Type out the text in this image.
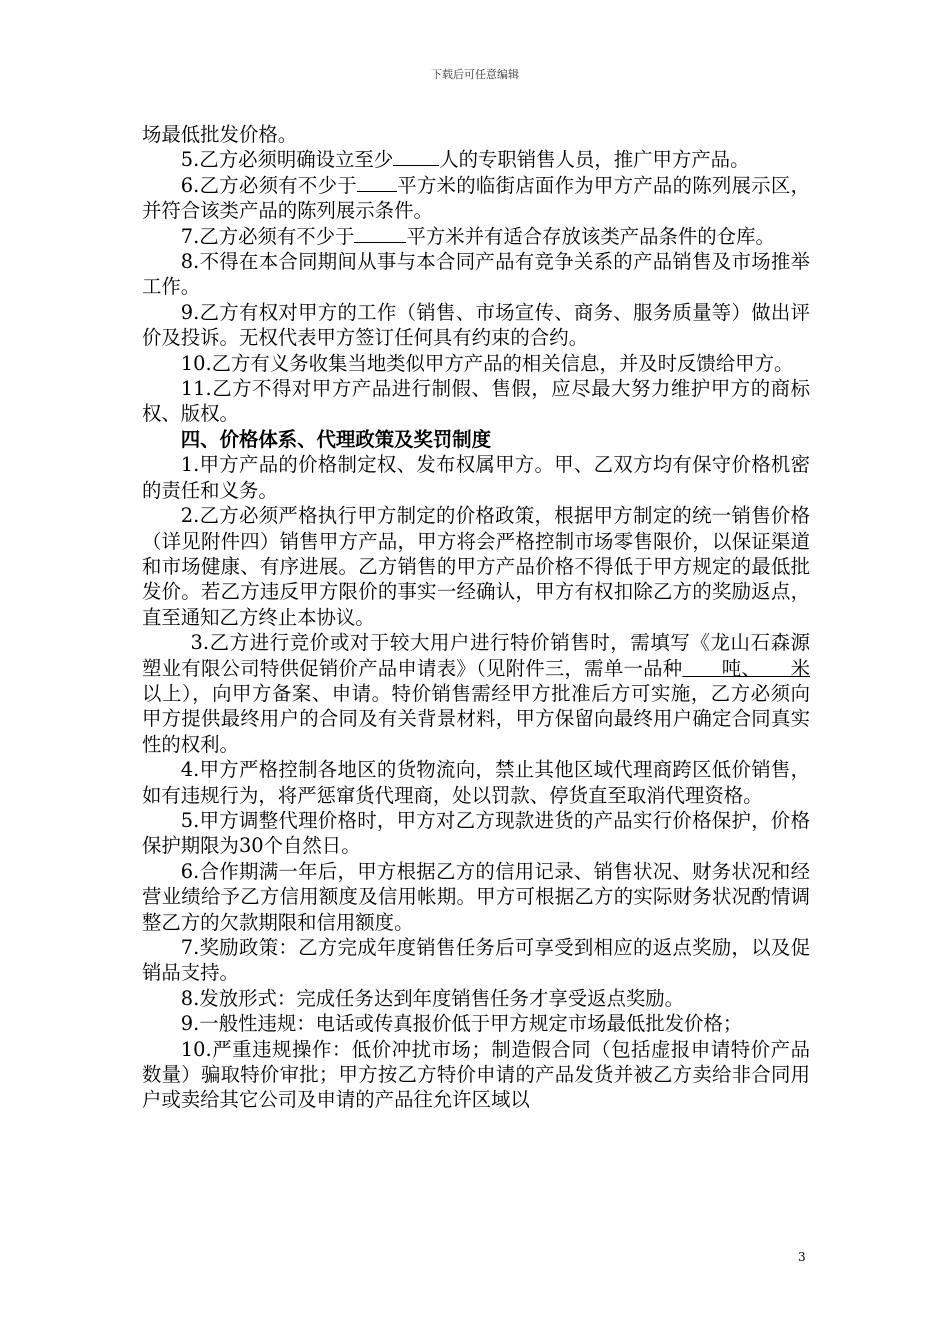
下载后可任意编辑

场最低批发价格。

5.乙方必须明确设立至少 人的专职销售人员，推广甲方产品。

6.乙方必须有不少于 平方米的临街店面作为甲方产品的陈列展示区，并符合该类产品的陈列展示条件。

7.乙方必须有不少于	平方米并有适合存放该类产品条件的仓库。

8.不得在本合同期间从事与本合同产品有竞争关系的产品销售及市场推举工作。

9.乙方有权对甲方的工作（销售、市场宣传、商务、服务质量等）做出评价及投诉。无权代表甲方签订任何具有约束的合约。

10.乙方有义务收集当地类似甲方产品的相关信息，并及时反馈给甲方。

11.乙方不得对甲方产品进行制假、售假，应尽最大努力维护甲方的商标权、版权。

四、价格体系、代理政策及奖罚制度

1.甲方产品的价格制定权、发布权属甲方。甲、乙双方均有保守价格机密的责任和义务。

2.乙方必须严格执行甲方制定的价格政策，根据甲方制定的统一销售价格（详见附件四）销售甲方产品，甲方将会严格控制市场零售限价，以保证渠道和市场健康、有序进展。乙方销售的甲方产品价格不得低于甲方规定的最低批发价。若乙方违反甲方限价的事实一经确认，甲方有权扣除乙方的奖励返点，直至通知乙方终止本协议。

3.乙方进行竞价或对于较大用户进行特价销售时，需填写《龙山石森源塑业有限公司特供促销价产品申请表》（见附件三，需单一品种　　吨、　　米以上），向甲方备案、申请。特价销售需经甲方批准后方可实施，乙方必须向甲方提供最终用户的合同及有关背景材料，甲方保留向最终用户确定合同真实性的权利。

4.甲方严格控制各地区的货物流向，禁止其他区域代理商跨区低价销售，如有违规行为，将严惩窜货代理商，处以罚款、停货直至取消代理资格。

5.甲方调整代理价格时，甲方对乙方现款进货的产品实行价格保护，价格保护期限为30个自然日。

6.合作期满一年后，甲方根据乙方的信用记录、销售状况、财务状况和经营业绩给予乙方信用额度及信用帐期。甲方可根据乙方的实际财务状况酌情调整乙方的欠款期限和信用额度。

7.奖励政策：乙方完成年度销售任务后可享受到相应的返点奖励，以及促销品支持。

8.发放形式：完成任务达到年度销售任务才享受返点奖励。

9.一般性违规：电话或传真报价低于甲方规定市场最低批发价格；

10.严重违规操作：低价冲扰市场；制造假合同（包括虚报申请特价产品数量）骗取特价审批；甲方按乙方特价申请的产品发货并被乙方卖给非合同用户或卖给其它公司及申请的产品往允许区域以

3
